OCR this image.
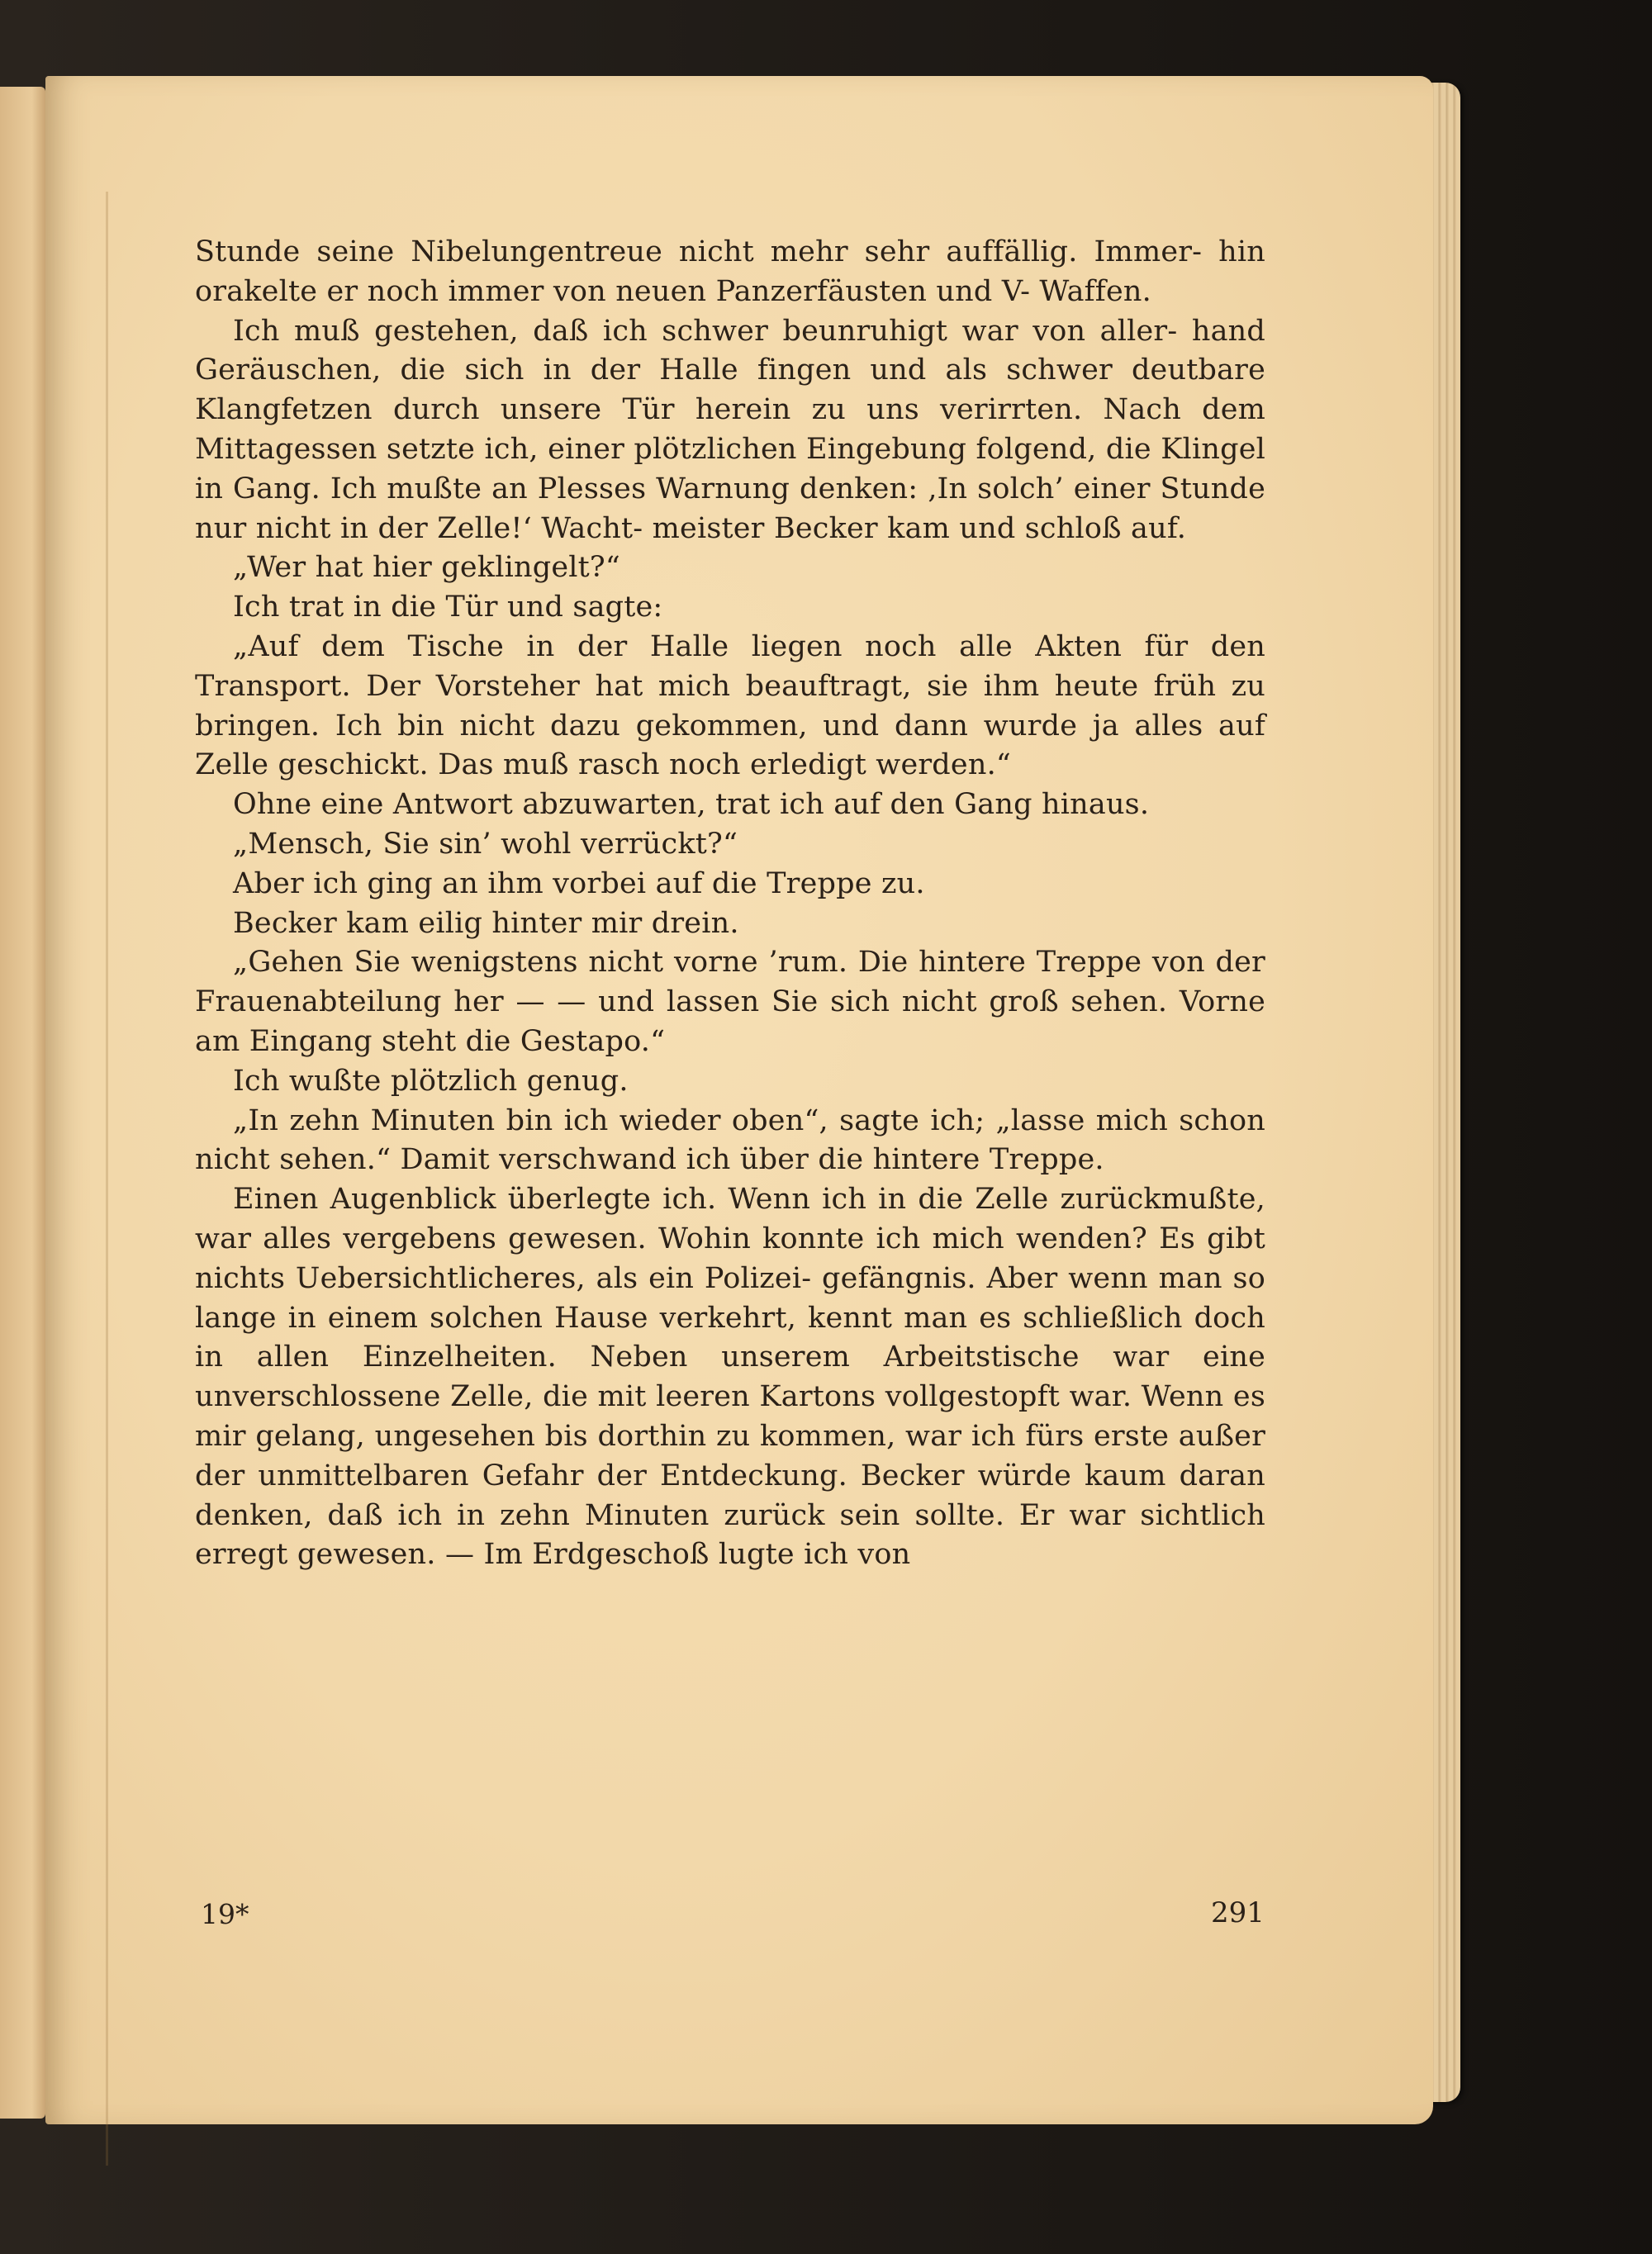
Stunde seine Nibelungentreue nicht mehr sehr auffällig. Immer- hin orakelte er noch immer von neuen Panzerfäusten und V- Waffen.

Ich muß gestehen, daß ich schwer beunruhigt war von aller- hand Geräuschen, die sich in der Halle fingen und als schwer deutbare Klangfetzen durch unsere Tür herein zu uns verirrten. Nach dem Mittagessen setzte ich, einer plötzlichen Eingebung folgend, die Klingel in Gang. Ich mußte an Plesses Warnung denken: ‚In solch’ einer Stunde nur nicht in der Zelle!‘ Wacht- meister Becker kam und schloß auf.

„Wer hat hier geklingelt?“

Ich trat in die Tür und sagte:

„Auf dem Tische in der Halle liegen noch alle Akten für den Transport. Der Vorsteher hat mich beauftragt, sie ihm heute früh zu bringen. Ich bin nicht dazu gekommen, und dann wurde ja alles auf Zelle geschickt. Das muß rasch noch erledigt werden.“

Ohne eine Antwort abzuwarten, trat ich auf den Gang hinaus.

„Mensch, Sie sin’ wohl verrückt?“

Aber ich ging an ihm vorbei auf die Treppe zu.

Becker kam eilig hinter mir drein.

„Gehen Sie wenigstens nicht vorne ’rum. Die hintere Treppe von der Frauenabteilung her — — und lassen Sie sich nicht groß sehen. Vorne am Eingang steht die Gestapo.“

Ich wußte plötzlich genug.

„In zehn Minuten bin ich wieder oben“, sagte ich; „lasse mich schon nicht sehen.“ Damit verschwand ich über die hintere Treppe.

Einen Augenblick überlegte ich. Wenn ich in die Zelle zurückmußte, war alles vergebens gewesen. Wohin konnte ich mich wenden? Es gibt nichts Uebersichtlicheres, als ein Polizei- gefängnis. Aber wenn man so lange in einem solchen Hause verkehrt, kennt man es schließlich doch in allen Einzelheiten. Neben unserem Arbeitstische war eine unverschlossene Zelle, die mit leeren Kartons vollgestopft war. Wenn es mir gelang, ungesehen bis dorthin zu kommen, war ich fürs erste außer der unmittelbaren Gefahr der Entdeckung. Becker würde kaum daran denken, daß ich in zehn Minuten zurück sein sollte. Er war sichtlich erregt gewesen. — Im Erdgeschoß lugte ich von

19*	291
